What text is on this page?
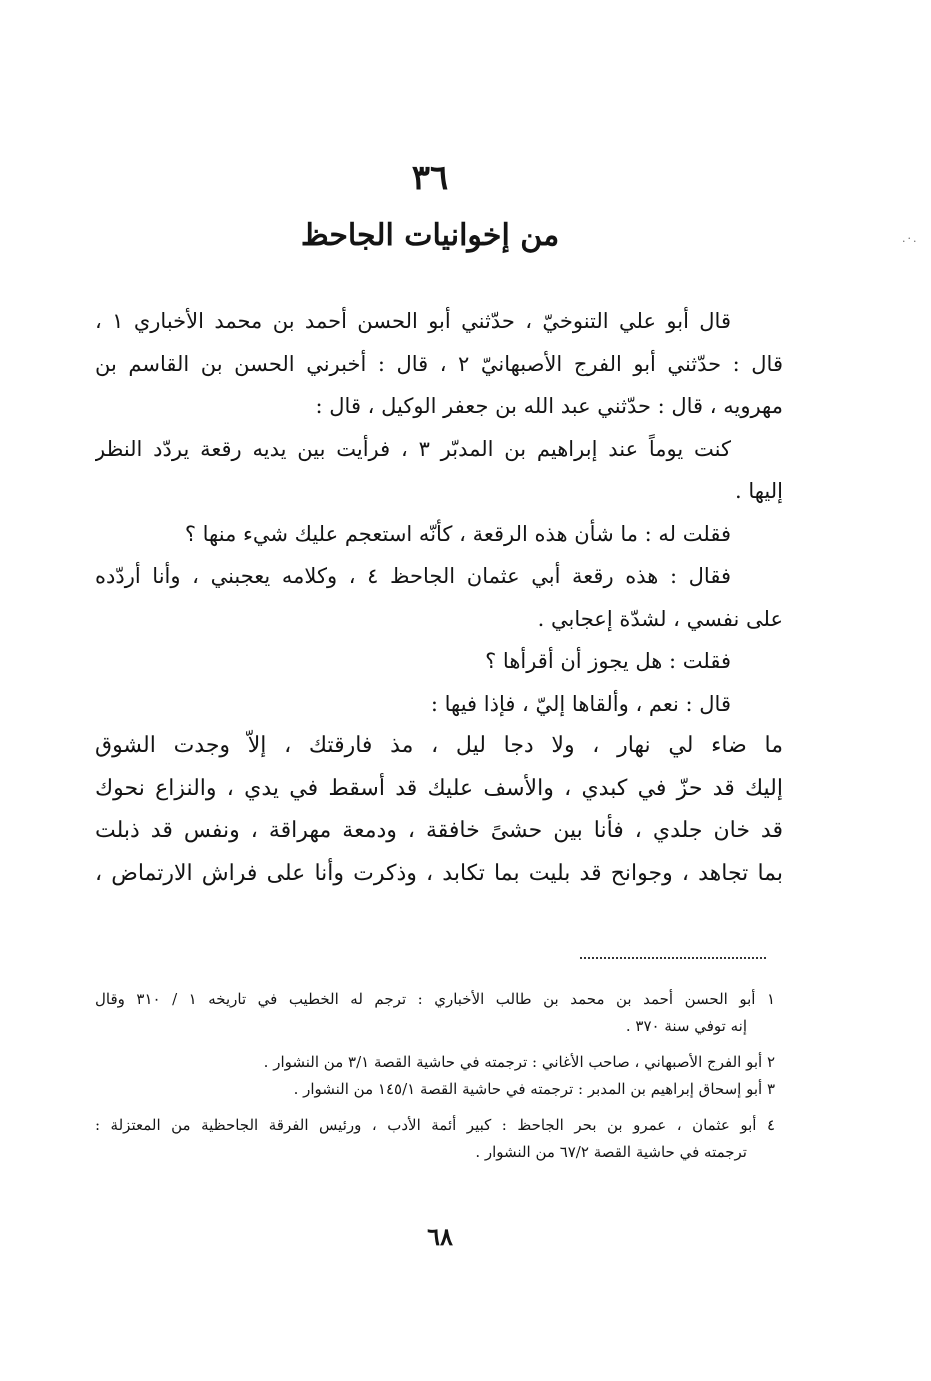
.·.
٣٦
من إخوانيات الجاحظ
قال أبو علي التنوخيّ ، حدّثني أبو الحسن أحمد بن محمد الأخباري ١ ،
قال : حدّثني أبو الفرج الأصبهانيّ ٢ ، قال : أخبرني الحسن بن القاسم بن
مهرويه ، قال : حدّثني عبد الله بن جعفر الوكيل ، قال :
كنت يوماً عند إبراهيم بن المدبّر ٣ ، فرأيت بين يديه رقعة يردّد النظر
إليها .
فقلت له : ما شأن هذه الرقعة ، كأنّه استعجم عليك شيء منها ؟
فقال : هذه رقعة أبي عثمان الجاحظ ٤ ، وكلامه يعجبني ، وأنا أردّده
على نفسي ، لشدّة إعجابي .
فقلت : هل يجوز أن أقرأها ؟
قال : نعم ، وألقاها إليّ ، فإذا فيها :
ما ضاء لي نهار ، ولا دجا ليل ، مذ فارقتك ، إلاّ وجدت الشوق
إليك قد حزّ في كبدي ، والأسف عليك قد أسقط في يدي ، والنزاع نحوك
قد خان جلدي ، فأنا بين حشىً خافقة ، ودمعة مهراقة ، ونفس قد ذبلت
بما تجاهد ، وجوانح قد بليت بما تكابد ، وذكرت وأنا على فراش الارتماض ،
١ أبو الحسن أحمد بن محمد بن طالب الأخباري : ترجم له الخطيب في تاريخه ١ / ٣١٠ وقال
إنه توفي سنة ٣٧٠ .
٢ أبو الفرج الأصبهاني ، صاحب الأغاني : ترجمته في حاشية القصة ٣/١ من النشوار .
٣ أبو إسحاق إبراهيم بن المدبر : ترجمته في حاشية القصة ١٤٥/١ من النشوار .
٤ أبو عثمان ، عمرو بن بحر الجاحظ : كبير أئمة الأدب ، ورئيس الفرقة الجاحظية من المعتزلة :
ترجمته في حاشية القصة ٦٧/٢ من النشوار .
٦٨
